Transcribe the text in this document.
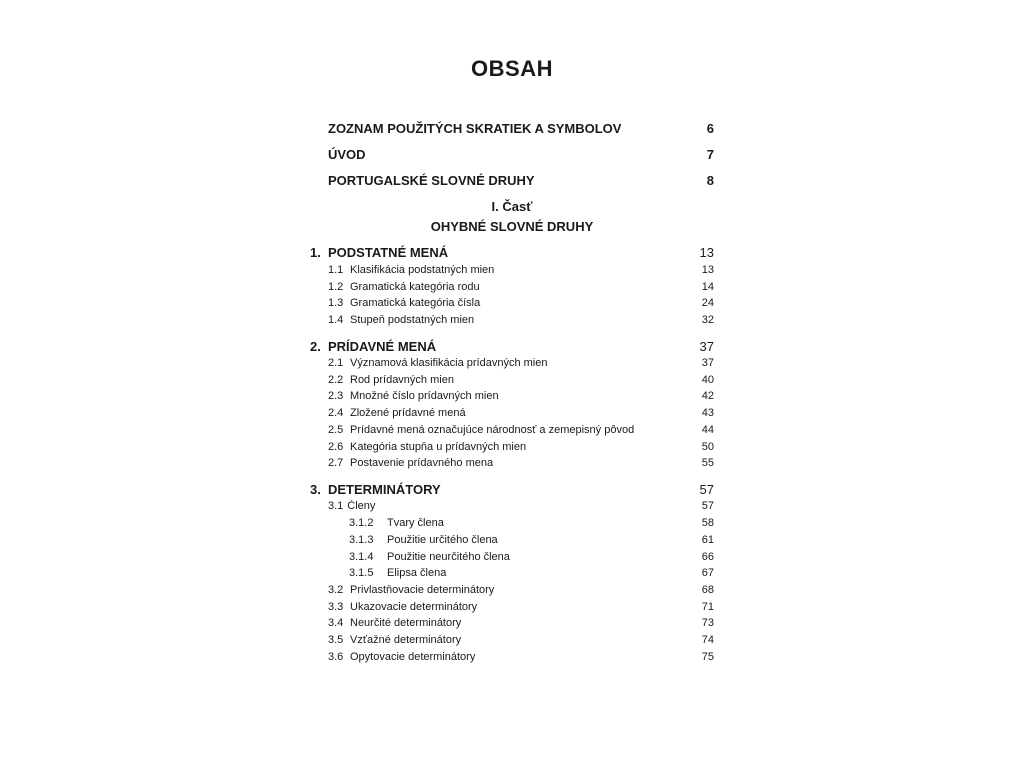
OBSAH
ZOZNAM POUŽITÝCH SKRATIEK A SYMBOLOV	6
ÚVOD	7
PORTUGALSKÉ SLOVNÉ DRUHY	8
I. Časť
OHYBNÉ SLOVNÉ DRUHY
1. PODSTATNÉ MENÁ	13
1.1 Klasifikácia podstatných mien	13
1.2 Gramatická kategória rodu	14
1.3 Gramatická kategória čísla	24
1.4 Stupeň podstatných mien	32
2. PRÍDAVNÉ MENÁ	37
2.1 Významová klasifikácia prídavných mien	37
2.2 Rod prídavných mien	40
2.3 Množné číslo prídavných mien	42
2.4 Zložené prídavné mená	43
2.5 Prídavné mená označujúce národnosť a zemepisný pôvod	44
2.6 Kategória stupňa u prídavných mien	50
2.7 Postavenie prídavného mena	55
3. DETERMINÁTORY	57
3.1 Členy	57
3.1.2	Tvary člena	58
3.1.3	Použitie určitého člena	61
3.1.4	Použitie neurčitého člena	66
3.1.5	Elipsa člena	67
3.2 Privlastňovacie determinátory	68
3.3 Ukazovacie determinátory	71
3.4 Neurčité determinátory	73
3.5 Vzťažné determinátory	74
3.6 Opytovacie determinátory	75
